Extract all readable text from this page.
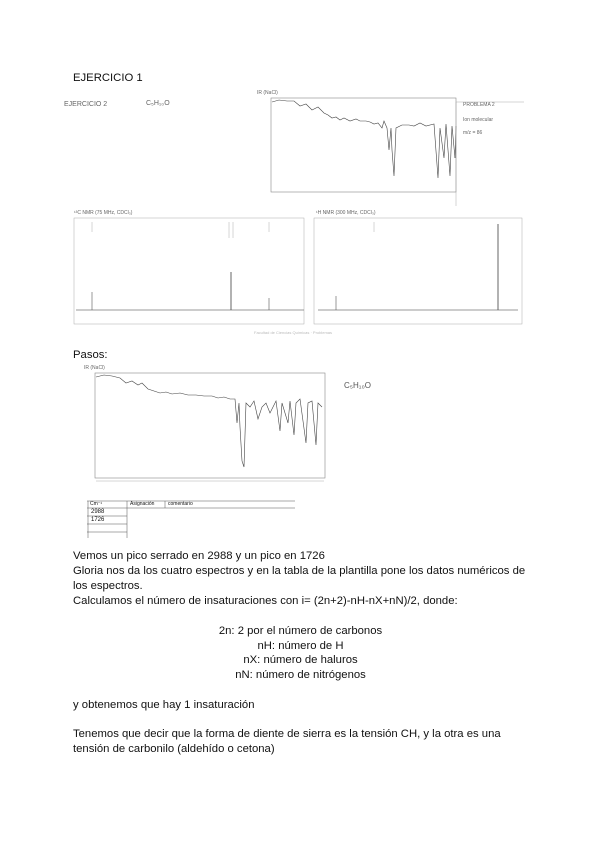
EJERCICIO 1
EJERCICIO 2	C₅H₁₀O
IR (NaCl)
PROBLEMA 2
Ion molecular
m/z = 86
¹³C NMR (75 MHz, CDCl₃)	¹H NMR (300 MHz, CDCl₃)
Facultad de Ciencias Químicas · Problemas
Pasos:
IR (NaCl)
C₅H₁₀O
Cm⁻¹	Asignación	comentario
2988
1726
Vemos un pico serrado en 2988 y un pico en 1726
Gloria nos da los cuatro espectros y en la tabla de la plantilla pone los datos numéricos de los espectros.
Calculamos el número de insaturaciones con i= (2n+2)-nH-nX+nN)/2, donde:
2n: 2 por el número de carbonos
nH: número de H
nX: número de haluros
nN: número de nitrógenos
y obtenemos que hay 1 insaturación
Tenemos que decir que la forma de diente de sierra es la tensión CH, y la otra es una tensión de carbonilo (aldehído o cetona)
